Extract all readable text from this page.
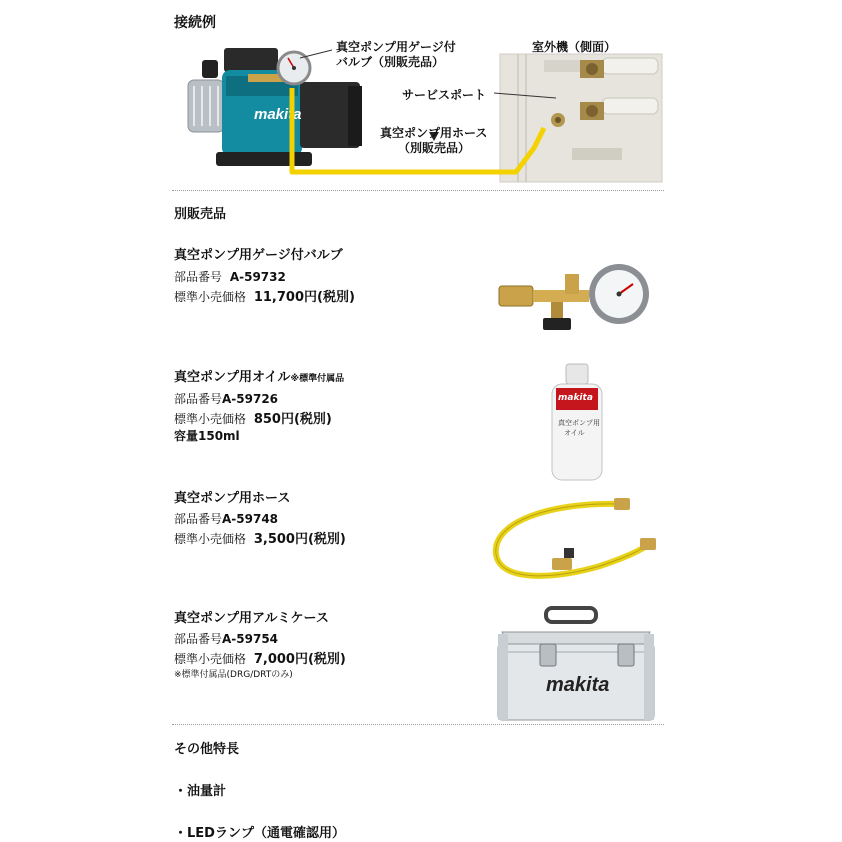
接続例
makita
真空ポンプ用ゲージ付
バルブ（別販売品）
室外機（側面）
サービスポート
真空ポンプ用ホース
（別販売品）
別販売品
真空ポンプ用ゲージ付バルブ
部品番号 A-59732
標準小売価格 11,700円(税別)
真空ポンプ用オイル※標準付属品
部品番号A-59726
標準小売価格 850円(税別)
容量150ml
makita
真空ポンプ用
オイル
真空ポンプ用ホース
部品番号A-59748
標準小売価格 3,500円(税別)
真空ポンプ用アルミケース
部品番号A-59754
標準小売価格 7,000円(税別)
※標準付属品(DRG/DRTのみ)	makita
その他特長
・油量計
・LEDランプ（通電確認用）
